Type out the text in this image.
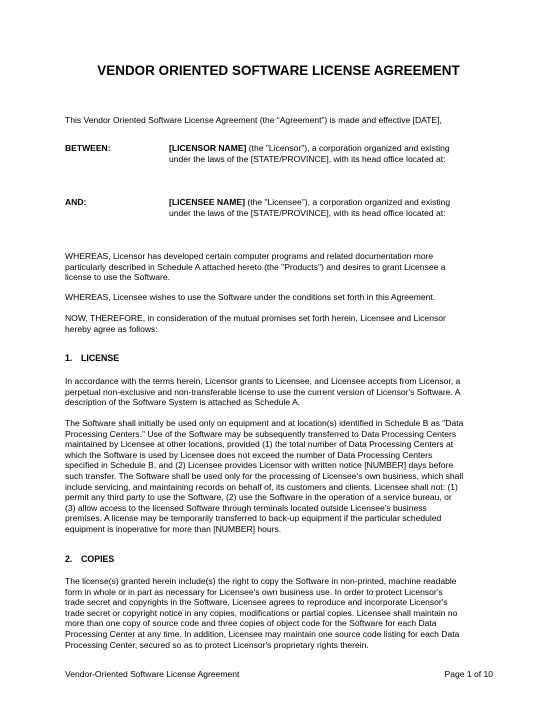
VENDOR ORIENTED SOFTWARE LICENSE AGREEMENT
This Vendor Oriented Software License Agreement (the “Agreement”) is made and effective [DATE],
BETWEEN:	[LICENSOR NAME] (the "Licensor"), a corporation organized and existing
under the laws of the [STATE/PROVINCE], with its head office located at:
AND:	[LICENSEE NAME] (the "Licensee"), a corporation organized and existing
under the laws of the [STATE/PROVINCE], with its head office located at:
WHEREAS, Licensor has developed certain computer programs and related documentation more
particularly described in Schedule A attached hereto (the "Products") and desires to grant Licensee a
license to use the Software.
WHEREAS, Licensee wishes to use the Software under the conditions set forth in this Agreement.
NOW, THEREFORE, in consideration of the mutual promises set forth herein, Licensee and Licensor
hereby agree as follows:
1. LICENSE
In accordance with the terms herein, Licensor grants to Licensee, and Licensee accepts from Licensor, a
perpetual non-exclusive and non-transferable license to use the current version of Licensor's Software. A
description of the Software System is attached as Schedule A.
The Software shall initially be used only on equipment and at location(s) identified in Schedule B as "Data
Processing Centers." Use of the Software may be subsequently transferred to Data Processing Centers
maintained by Licensee at other locations, provided (1) the total number of Data Processing Centers at
which the Software is used by Licensee does not exceed the number of Data Processing Centers
specified in Schedule B, and (2) Licensee provides Licensor with written notice [NUMBER] days before
such transfer. The Software shall be used only for the processing of Licensee's own business, which shall
include servicing, and maintaining records on behalf of, its customers and clients. Licensee shall not: (1)
permit any third party to use the Software, (2) use the Software in the operation of a service bureau, or
(3) allow access to the licensed Software through terminals located outside Licensee's business
premises. A license may be temporarily transferred to back-up equipment if the particular scheduled
equipment is inoperative for more than [NUMBER] hours.
2. COPIES
The license(s) granted herein include(s) the right to copy the Software in non-printed, machine readable
form in whole or in part as necessary for Licensee's own business use. In order to protect Licensor's
trade secret and copyrights in the Software, Licensee agrees to reproduce and incorporate Licensor's
trade secret or copyright notice in any copies, modifications or partial copies. Licensee shall maintain no
more than one copy of source code and three copies of object code for the Software for each Data
Processing Center at any time. In addition, Licensee may maintain one source code listing for each Data
Processing Center, secured so as to protect Licensor's proprietary rights therein.
Vendor-Oriented Software License Agreement	Page 1 of 10
